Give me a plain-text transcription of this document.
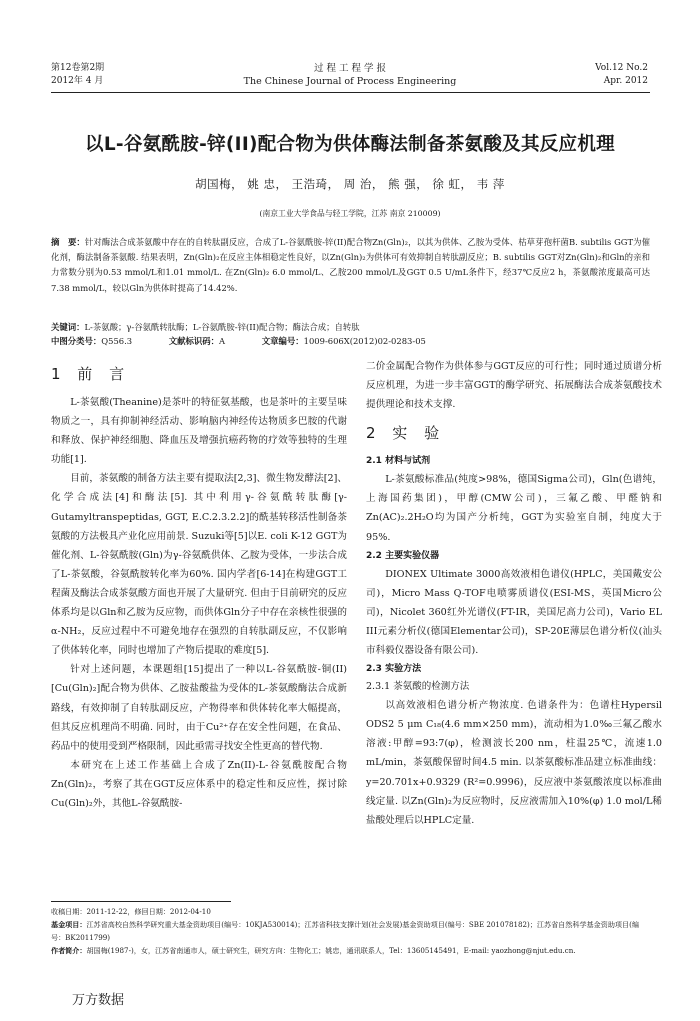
第12卷第2期
2012年 4 月
过 程 工 程 学 报
The Chinese Journal of Process Engineering
Vol.12 No.2
Apr. 2012
以L-谷氨酰胺-锌(II)配合物为供体酶法制备茶氨酸及其反应机理
胡国梅， 姚 忠， 王浩琦， 周 治， 熊 强， 徐 虹， 韦 萍
(南京工业大学食品与轻工学院，江苏 南京 210009)
摘　要：针对酶法合成茶氨酸中存在的自转肽副反应，合成了L-谷氨酰胺-锌(II)配合物Zn(Gln)₂，以其为供体、乙胺为受体、枯草芽孢杆菌B. subtilis GGT为催化剂，酶法制备茶氨酸. 结果表明，Zn(Gln)₂在反应主体相稳定性良好，以Zn(Gln)₂为供体可有效抑制自转肽副反应；B. subtilis GGT对Zn(Gln)₂和Gln的亲和力常数分别为0.53 mmol/L和1.01 mmol/L. 在Zn(Gln)₂ 6.0 mmol/L、乙胺200 mmol/L及GGT 0.5 U/mL条件下，经37℃反应2 h，茶氨酸浓度最高可达7.38 mmol/L，较以Gln为供体时提高了14.42%.
关键词：L-茶氨酸；γ-谷氨酰转肽酶；L-谷氨酰胺-锌(II)配合物；酶法合成；自转肽
中图分类号：Q556.3	文献标识码：A	文章编号：1009-606X(2012)02-0283-05
1 前 言

L-茶氨酸(Theanine)是茶叶的特征氨基酸，也是茶叶的主要呈味物质之一，具有抑制神经活动、影响脑内神经传达物质多巴胺的代谢和释放、保护神经细胞、降血压及增强抗癌药物的疗效等独特的生理功能[1].

目前，茶氨酸的制备方法主要有提取法[2,3]、微生物发酵法[2]、化学合成法[4]和酶法[5]. 其中利用γ-谷氨酰转肽酶[γ-Gutamyltranspeptidas, GGT, E.C.2.3.2.2]的酰基转移活性制备茶氨酸的方法极具产业化应用前景. Suzuki等[5]以E. coli K-12 GGT为催化剂、L-谷氨酰胺(Gln)为γ-谷氨酰供体、乙胺为受体，一步法合成了L-茶氨酸，谷氨酰胺转化率为60%. 国内学者[6-14]在构建GGT工程菌及酶法合成茶氨酸方面也开展了大量研究. 但由于目前研究的反应体系均是以Gln和乙胺为反应物，而供体Gln分子中存在亲核性很强的α-NH₂，反应过程中不可避免地存在强烈的自转肽副反应，不仅影响了供体转化率，同时也增加了产物后提取的难度[5].

针对上述问题，本课题组[15]提出了一种以L-谷氨酰胺-铜(II)[Cu(Gln)₂]配合物为供体、乙胺盐酸盐为受体的L-茶氨酸酶法合成新路线，有效抑制了自转肽副反应，产物得率和供体转化率大幅提高，但其反应机理尚不明确. 同时，由于Cu²⁺存在安全性问题，在食品、药品中的使用受到严格限制，因此亟需寻找安全性更高的替代物.

本研究在上述工作基础上合成了Zn(II)-L-谷氨酰胺配合物Zn(Gln)₂，考察了其在GGT反应体系中的稳定性和反应性，探讨除Cu(Gln)₂外，其他L-谷氨酰胺-

二价金属配合物作为供体参与GGT反应的可行性；同时通过质谱分析反应机理，为进一步丰富GGT的酶学研究、拓展酶法合成茶氨酸技术提供理论和技术支撑.

2 实 验
2.1 材料与试剂

L-茶氨酸标准品(纯度>98%，德国Sigma公司)，Gln(色谱纯，上海国药集团)，甲醇(CMW公司)，三氟乙酸、甲醛钠和Zn(AC)₂.2H₂O均为国产分析纯，GGT为实验室自制，纯度大于95%.

2.2 主要实验仪器

DIONEX Ultimate 3000高效液相色谱仪(HPLC，美国戴安公司)，Micro Mass Q-TOF电喷雾质谱仪(ESI-MS，英国Micro公司)，Nicolet 360红外光谱仪(FT-IR，美国尼高力公司)，Vario EL III元素分析仪(德国Elementar公司)，SP-20E薄层色谱分析仪(汕头市科毅仪器设备有限公司).

2.3 实验方法
2.3.1 茶氨酸的检测方法

以高效液相色谱分析产物浓度. 色谱条件为：色谱柱Hypersil ODS2 5 μm C₁₈(4.6 mm×250 mm)，流动相为1.0‰三氟乙酸水溶液:甲醇=93:7(φ)，检测波长200 nm，柱温25℃，流速1.0 mL/min，茶氨酸保留时间4.5 min. 以茶氨酸标准品建立标准曲线：y=20.701x+0.9329 (R²=0.9996)，反应液中茶氨酸浓度以标准曲线定量. 以Zn(Gln)₂为反应物时，反应液需加入10%(φ) 1.0 mol/L稀盐酸处理后以HPLC定量.

收稿日期：2011-12-22，修回日期：2012-04-10
基金项目：江苏省高校自然科学研究重大基金资助项目(编号：10KJA530014)；江苏省科技支撑计划(社会发展)基金资助项目(编号：SBE 201078182)；江苏省自然科学基金资助项目(编号：BK2011799)
作者简介：胡国梅(1987-)，女，江苏省南通市人，硕士研究生，研究方向：生物化工；姚忠，通讯联系人，Tel：13605145491，E-mail: yaozhong@njut.edu.cn.
万方数据
